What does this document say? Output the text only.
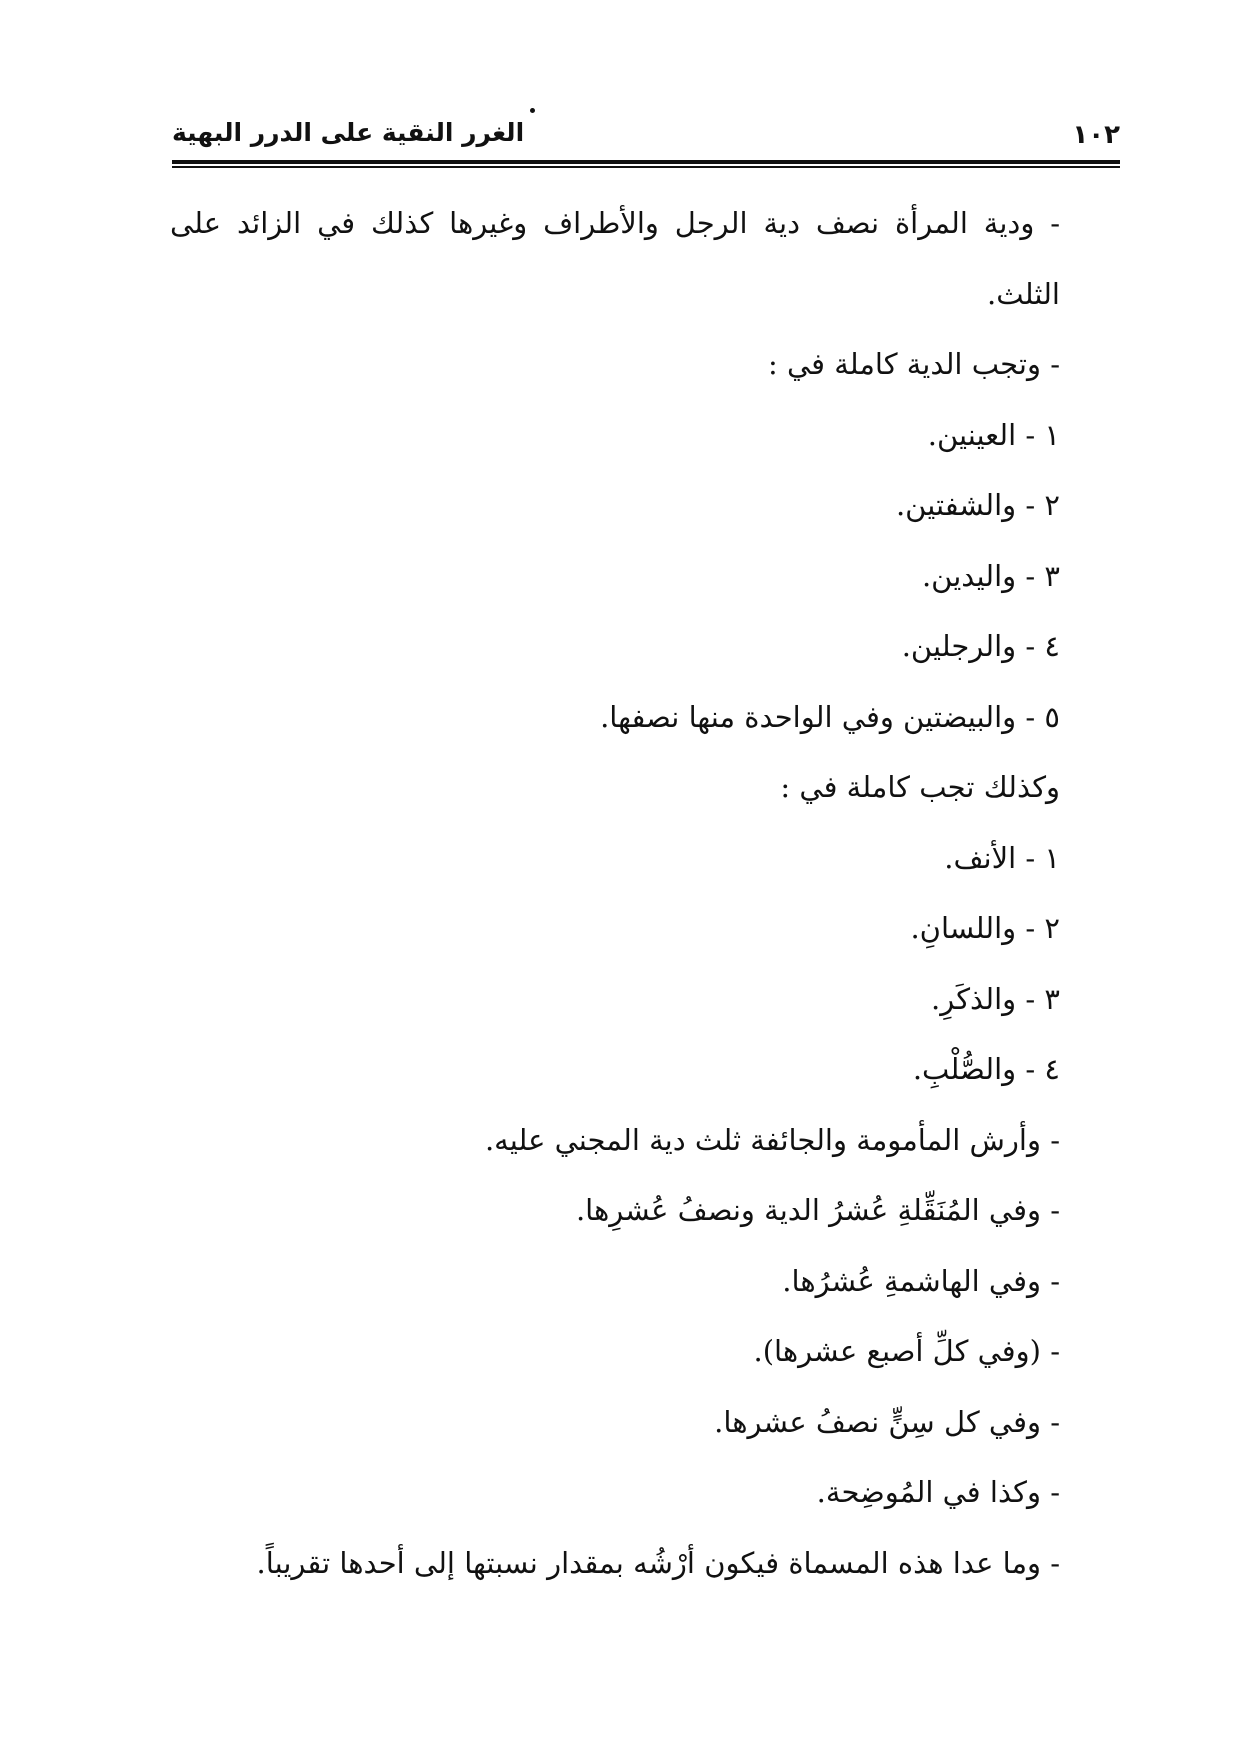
١٠٢
الغرر النقية على الدرر البهية
- ودية المرأة نصف دية الرجل والأطراف وغيرها كذلك في الزائد على
الثلث.
- وتجب الدية كاملة في :
١ - العينين.
٢ - والشفتين.
٣ - واليدين.
٤ - والرجلين.
٥ - والبيضتين وفي الواحدة منها نصفها.
وكذلك تجب كاملة في :
١ - الأنف.
٢ - واللسانِ.
٣ - والذكَرِ.
٤ - والصُّلْبِ.
- وأرش المأمومة والجائفة ثلث دية المجني عليه.
- وفي المُنَقِّلةِ عُشرُ الدية ونصفُ عُشرِها.
- وفي الهاشمةِ عُشرُها.
- (وفي كلِّ أصبع عشرها).
- وفي كل سِنٍّ نصفُ عشرها.
- وكذا في المُوضِحة.
- وما عدا هذه المسماة فيكون أرْشُه بمقدار نسبتها إلى أحدها تقريباً.
